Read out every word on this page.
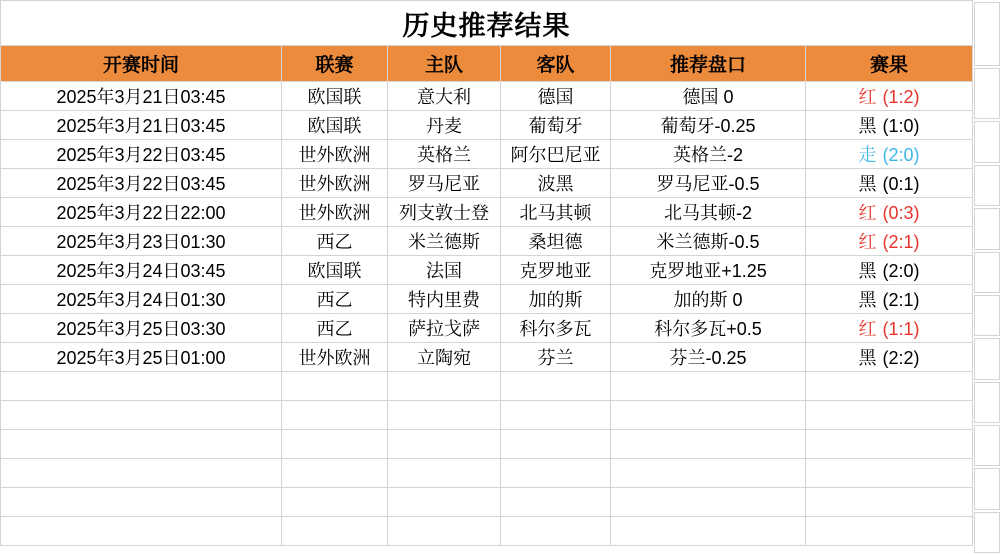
历史推荐结果					
开赛时间	联赛	主队	客队	推荐盘口	赛果
2025年3月21日03:45	欧国联	意大利	德国	德国 0	红 (1:2)
2025年3月21日03:45	欧国联	丹麦	葡萄牙	葡萄牙-0.25	黑 (1:0)
2025年3月22日03:45	世外欧洲	英格兰	阿尔巴尼亚	英格兰-2	走 (2:0)
2025年3月22日03:45	世外欧洲	罗马尼亚	波黑	罗马尼亚-0.5	黑 (0:1)
2025年3月22日22:00	世外欧洲	列支敦士登	北马其顿	北马其顿-2	红 (0:3)
2025年3月23日01:30	西乙	米兰德斯	桑坦德	米兰德斯-0.5	红 (2:1)
2025年3月24日03:45	欧国联	法国	克罗地亚	克罗地亚+1.25	黑 (2:0)
2025年3月24日01:30	西乙	特内里费	加的斯	加的斯 0	黑 (2:1)
2025年3月25日03:30	西乙	萨拉戈萨	科尔多瓦	科尔多瓦+0.5	红 (1:1)
2025年3月25日01:00	世外欧洲	立陶宛	芬兰	芬兰-0.25	黑 (2:2)
